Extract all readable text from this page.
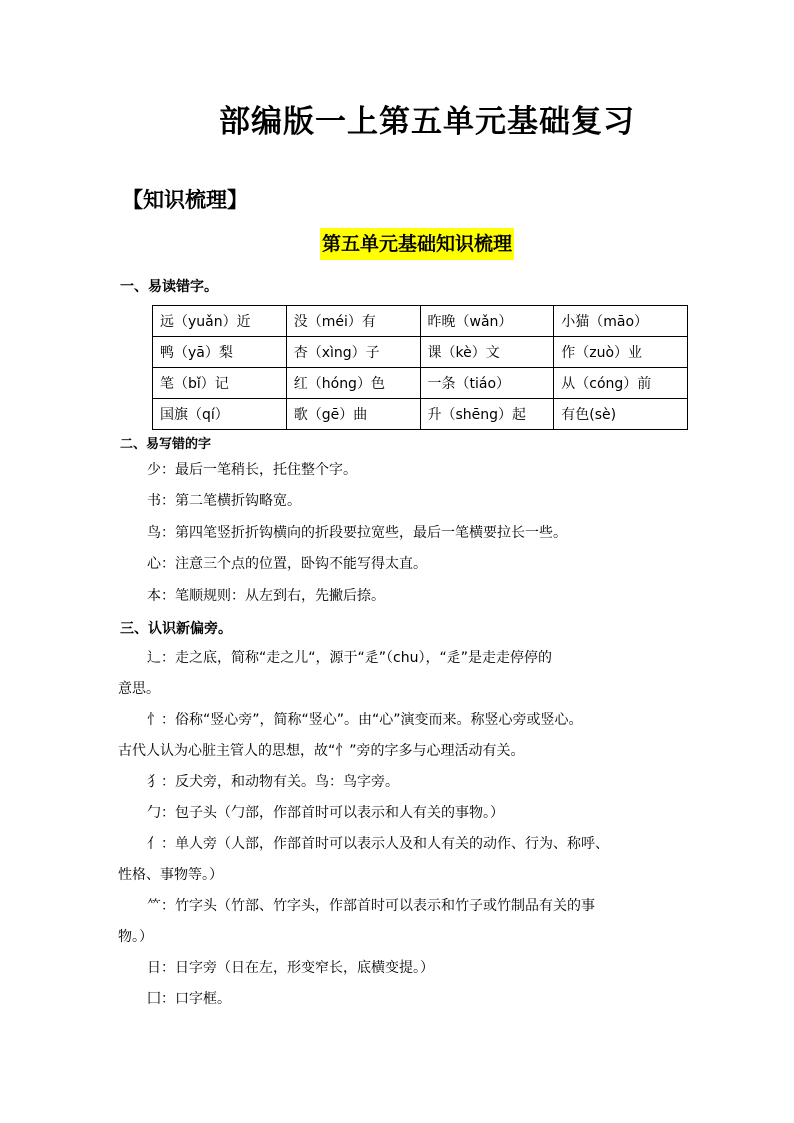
部编版一上第五单元基础复习
【知识梳理】
第五单元基础知识梳理
一、易读错字。
远（yuǎn）近	没（méi）有	昨晚（wǎn）	小猫（māo）
鸭（yā）梨	杏（xìng）子	课（kè）文	作（zuò）业
笔（bǐ）记	红（hóng）色	一条（tiáo）	从（cóng）前
国旗（qí）	歌（gē）曲	升（shēng）起	有色(sè)
二、易写错的字
少：最后一笔稍长，托住整个字。
书：第二笔横折钩略宽。
鸟：第四笔竖折折钩横向的折段要拉宽些，最后一笔横要拉长一些。
心：注意三个点的位置，卧钩不能写得太直。
本：笔顺规则：从左到右，先撇后捺。
三、认识新偏旁。
辶：走之底，简称“走之儿“，源于“辵”（chu），“辵”是走走停停的
意思。
忄：俗称“竖心旁”，简称“竖心”。由“心”演变而来。称竖心旁或竖心。
古代人认为心脏主管人的思想，故“忄”旁的字多与心理活动有关。
犭：反犬旁，和动物有关。鸟：鸟字旁。
勹：包子头（勹部，作部首时可以表示和人有关的事物。）
亻：单人旁（人部，作部首时可以表示人及和人有关的动作、行为、称呼、
性格、事物等。）
⺮：竹字头（竹部、竹字头，作部首时可以表示和竹子或竹制品有关的事
物。）
日：日字旁（日在左，形变窄长，底横变提。）
囗：口字框。
